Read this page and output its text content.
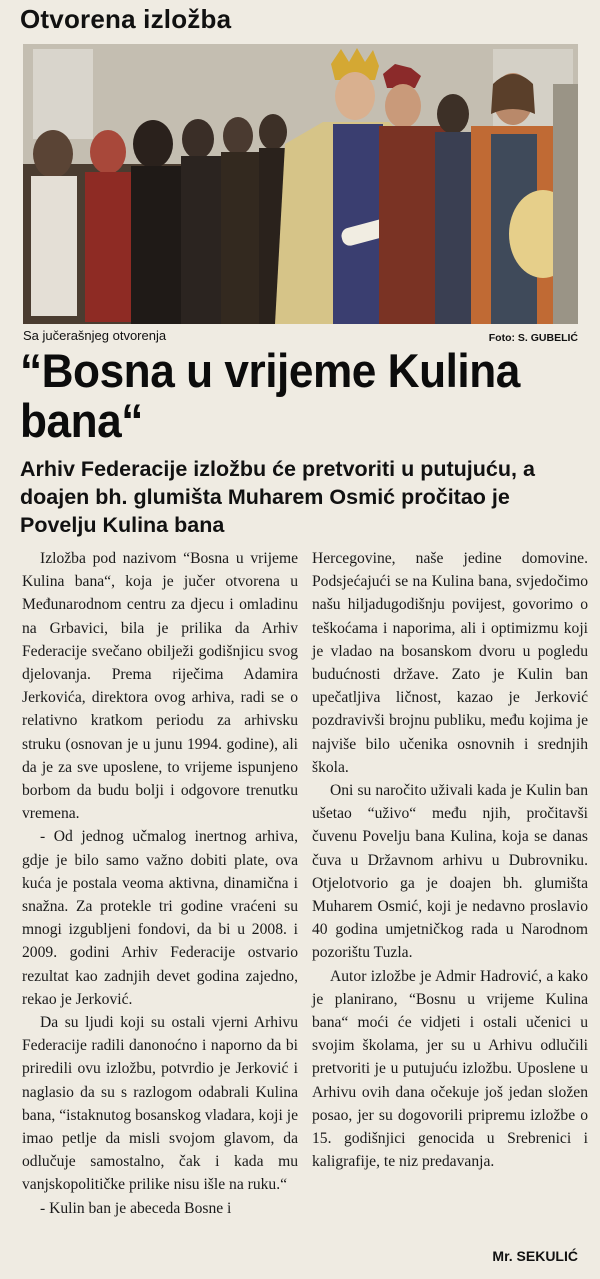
Otvorena izložba
Sa jučerašnjeg otvorenja	Foto: S. GUBELIĆ
“Bosna u vrijeme Kulina bana“
Arhiv Federacije izložbu će pretvoriti u putujuću, a doajen bh. glumišta Muharem Osmić pročitao je Povelju Kulina bana

Izložba pod nazivom “Bosna u vrijeme Kulina bana“, koja je jučer otvorena u Međunarodnom centru za djecu i omladinu na Grbavici, bila je prilika da Arhiv Federacije svečano obilježi godišnjicu svog djelovanja. Prema riječima Adamira Jerkovića, direktora ovog arhiva, radi se o relativno kratkom periodu za arhivsku struku (osnovan je u junu 1994. godine), ali da je za sve uposlene, to vrijeme ispunjeno borbom da budu bolji i odgovore trenutku vremena.

- Od jednog učmalog inertnog arhiva, gdje je bilo samo važno dobiti plate, ova kuća je postala veoma aktivna, dinamična i snažna. Za protekle tri godine vraćeni su mnogi izgubljeni fondovi, da bi u 2008. i 2009. godini Arhiv Federacije ostvario rezultat kao zadnjih devet godina zajedno, rekao je Jerković.

Da su ljudi koji su ostali vjerni Arhivu Federacije radili danonoćno i naporno da bi priredili ovu izložbu, potvrdio je Jerković i naglasio da su s razlogom odabrali Kulina bana, “istaknutog bosanskog vladara, koji je imao petlje da misli svojom glavom, da odlučuje samostalno, čak i kada mu vanjskopolitičke prilike nisu išle na ruku.“

- Kulin ban je abeceda Bosne i

Hercegovine, naše jedine domovine. Podsjećajući se na Kulina bana, svjedočimo našu hiljadugodišnju povijest, govorimo o teškoćama i naporima, ali i optimizmu koji je vladao na bosanskom dvoru u pogledu budućnosti države. Zato je Kulin ban upečatljiva ličnost, kazao je Jerković pozdravivši brojnu publiku, među kojima je najviše bilo učenika osnovnih i srednjih škola.

Oni su naročito uživali kada je Kulin ban ušetao “uživo“ među njih, pročitavši čuvenu Povelju bana Kulina, koja se danas čuva u Državnom arhivu u Dubrovniku. Otjelotvorio ga je doajen bh. glumišta Muharem Osmić, koji je nedavno proslavio 40 godina umjetničkog rada u Narodnom pozorištu Tuzla.

Autor izložbe je Admir Hadrović, a kako je planirano, “Bosnu u vrijeme Kulina bana“ moći će vidjeti i ostali učenici u svojim školama, jer su u Arhivu odlučili pretvoriti je u putujuću izložbu. Uposlene u Arhivu ovih dana očekuje još jedan složen posao, jer su dogovorili pripremu izložbe o 15. godišnjici genocida u Srebrenici i kaligrafije, te niz predavanja.

Mr. SEKULIĆ
